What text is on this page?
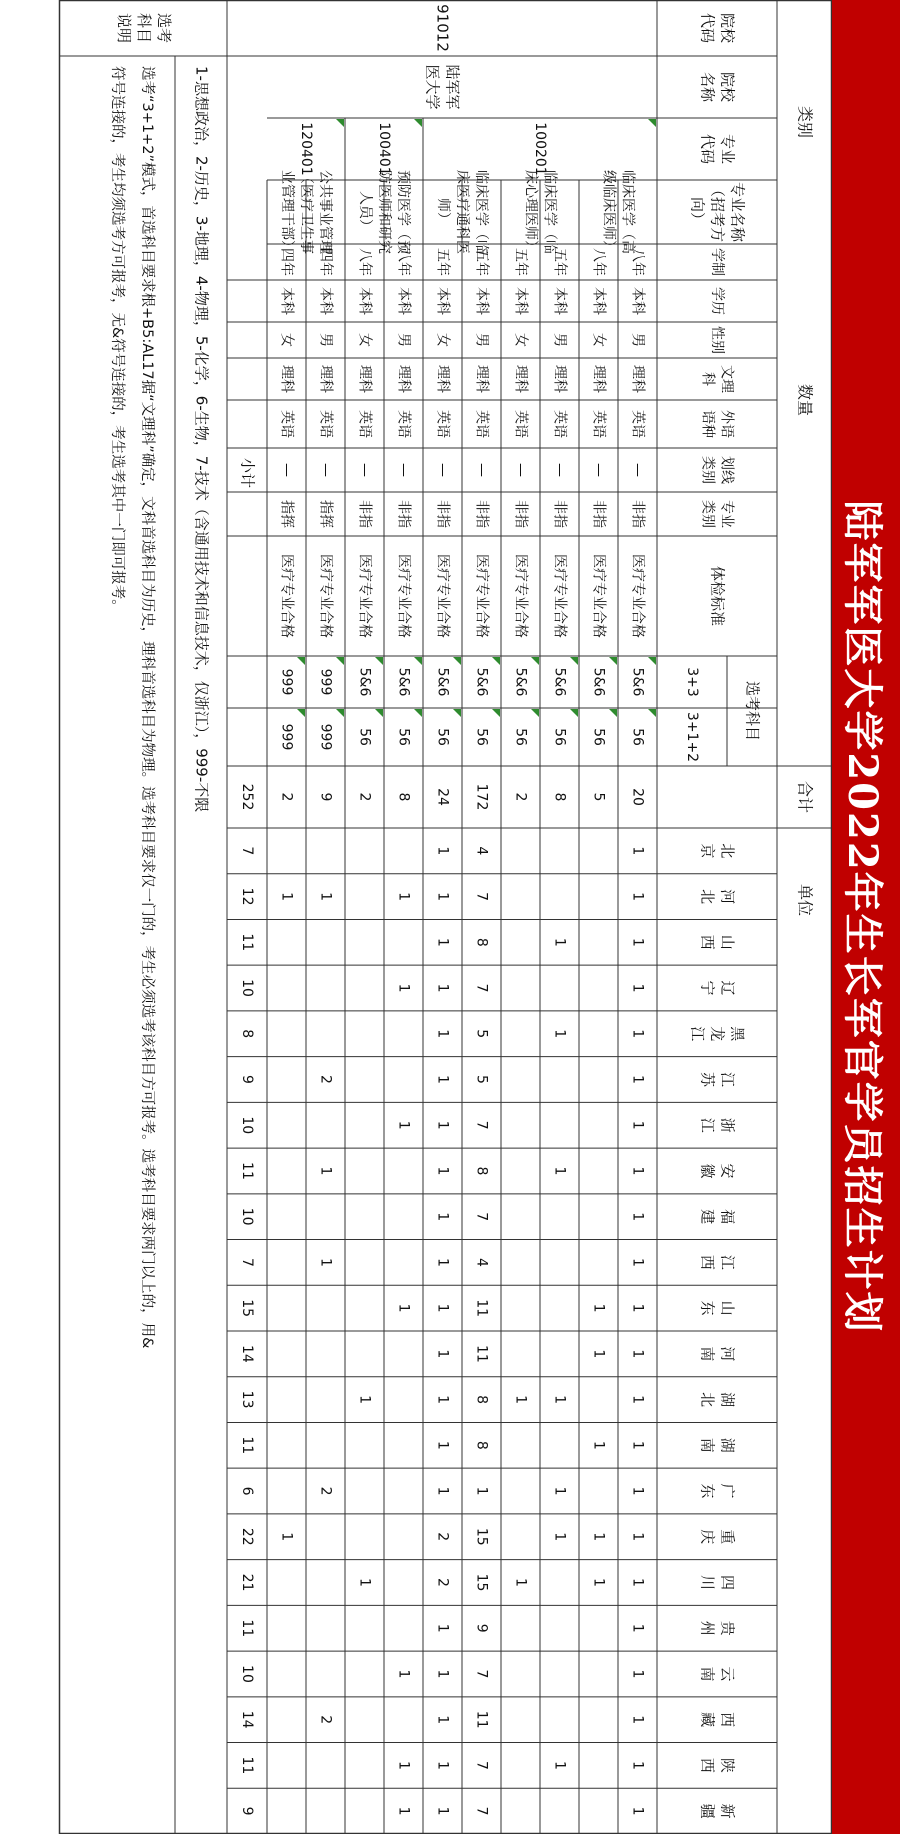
陆军军医大学2022年生长军官学员招生计划
类别
数量
单位
合计
院校代码
院校名称
专业代码
专业名称（招考方向）
学制
学历
性别
文理科
外语语种
划线类别
专业类别
体检标准
3+3
3+1+2	选考科目
北京
河北
山西
辽宁
黑龙江
江苏
浙江
安徽
福建
江西
山东
河南
湖北
湖南
广东
重庆
四川
贵州
云南
西藏
陕西
新疆
八年
本科
男
理科
英语
—
非指
医疗专业合格
5&6
56
20
1
1
1
1
1
1
1
1
1
1
1
1
1
1
1
1
1
1
1
1
1
1
八年
本科
女
理科
英语
—
非指
医疗专业合格
5&6
56
5
1
1
1
1
1
五年
本科
男
理科
英语
—
非指
医疗专业合格
5&6
56
8
1
1
1
1
1
1
1
五年
本科
女
理科
英语
—
非指
医疗专业合格
5&6
56
2
1
1
五年
本科
男
理科
英语
—
非指
医疗专业合格
5&6
56
172
4
7
8
7
5
5
7
8
7
4
11
11
8
8
1
15
15
9
7
11
7
7
五年
本科
女
理科
英语
—
非指
医疗专业合格
5&6
56
24
1
1
1
1
1
1
1
1
1
1
1
1
1
1
1
2
2
1
1
1
1
1
八年
本科
男
理科
英语
—
非指
医疗专业合格
5&6
56
8
1
1
1
1
1
1
1
八年
本科
女
理科
英语
—
非指
医疗专业合格
5&6
56
2
1
1
四年
本科
男
理科
英语
—
指挥
医疗专业合格
999
999
9
1
2
1
1
2
2
四年
本科
女
理科
英语
—
指挥
医疗专业合格
999
999
2
1
1
91012
陆军军医大学
100201
100401
120401
临床医学（高级临床医师）
临床医学（临床心理医师）
临床医学（临床医疗通科医师）
预防医学（预防医师和研究人员）
公共事业管理（医疗卫生事业管理干部）
小计
252
7
12
11
10
8
9
10
11
10
7
15
14
13
11
6
22
21
11
10
14
11
9
选考科目说明
1-思想政治，2-历史，3-地理，4-物理，5-化学，6-生物，7-技术（含通用技术和信息技术，仅浙江），999-不限
选考“3+1+2”模式，首选科目要求根+B5:AL17据“文理科”确定，文科首选科目为历史，理科首选科目为物理。选考科目要求仅一门的，考生必须选考该科目方可报考。选考科目要求两门以上的，用&
符号连接的，考生均须选考方可报考，无&符号连接的，考生选考其中一门即可报考。
